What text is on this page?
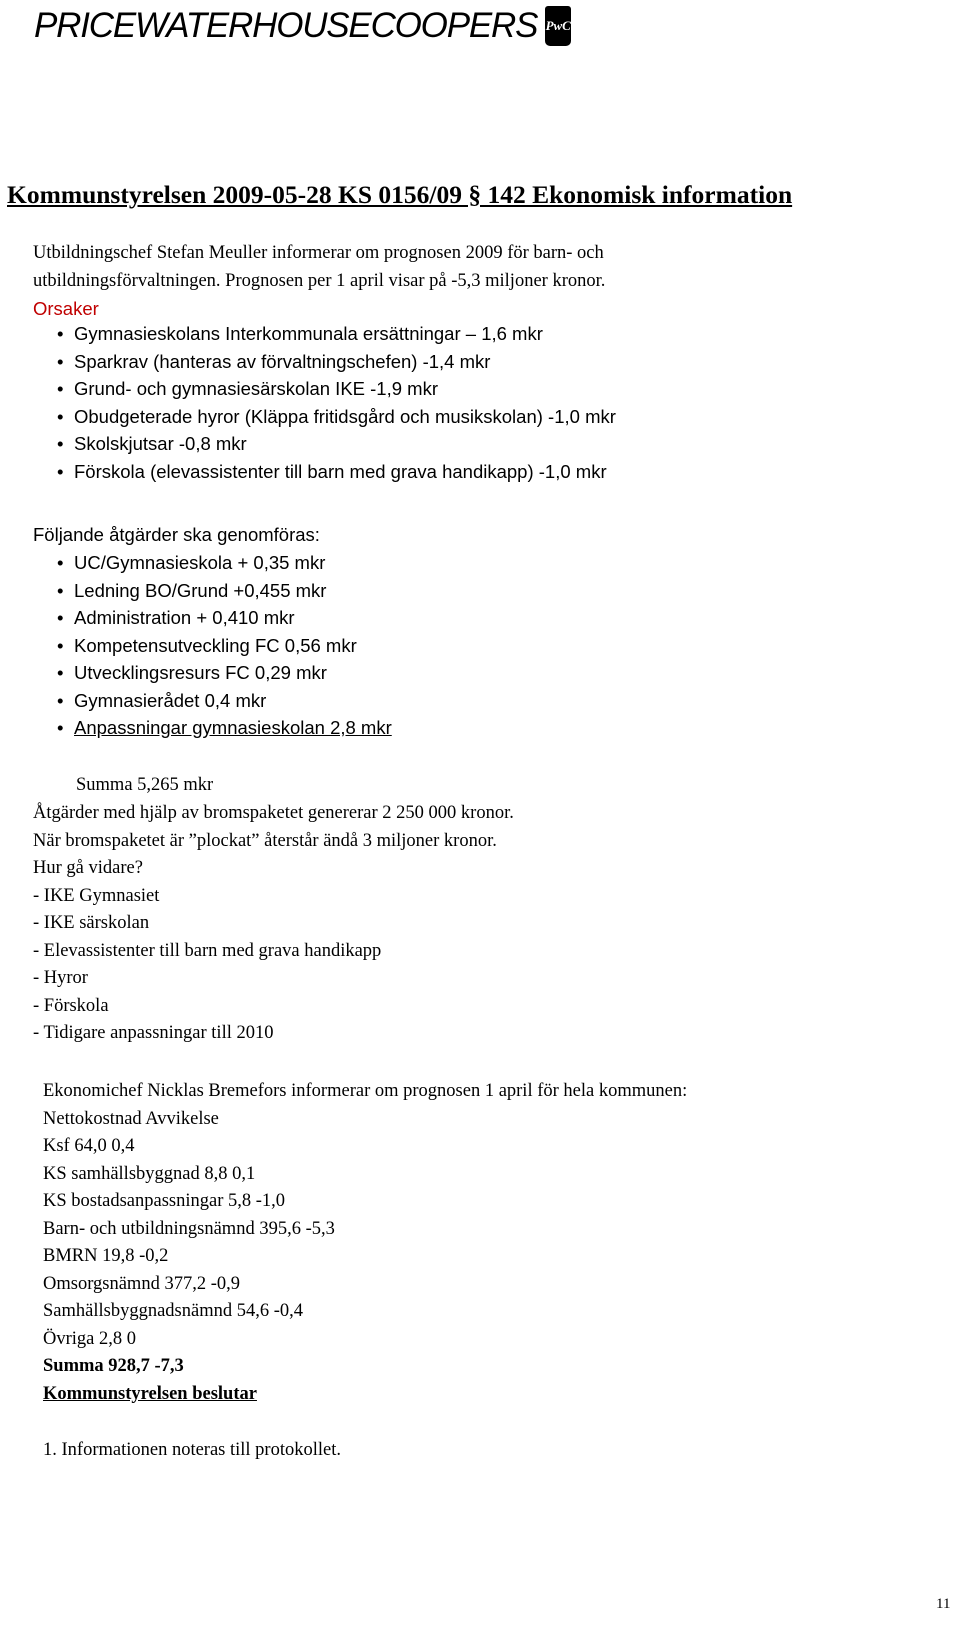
PRICEWATERHOUSECOOPERS PwC
Kommunstyrelsen 2009-05-28 KS 0156/09 § 142 Ekonomisk information
Utbildningschef Stefan Meuller informerar om prognosen 2009 för barn- och
utbildningsförvaltningen. Prognosen per 1 april visar på -5,3 miljoner kronor.
Orsaker
• Gymnasieskolans Interkommunala ersättningar – 1,6 mkr
• Sparkrav (hanteras av förvaltningschefen) -1,4 mkr
• Grund- och gymnasiesärskolan IKE -1,9 mkr
• Obudgeterade hyror (Kläppa fritidsgård och musikskolan) -1,0 mkr
• Skolskjutsar -0,8 mkr
• Förskola (elevassistenter till barn med grava handikapp) -1,0 mkr
Följande åtgärder ska genomföras:
• UC/Gymnasieskola + 0,35 mkr
• Ledning BO/Grund +0,455 mkr
• Administration + 0,410 mkr
• Kompetensutveckling FC 0,56 mkr
• Utvecklingsresurs FC 0,29 mkr
• Gymnasierådet 0,4 mkr
• Anpassningar gymnasieskolan 2,8 mkr
Summa 5,265 mkr
Åtgärder med hjälp av bromspaketet genererar 2 250 000 kronor.
När bromspaketet är ”plockat” återstår ändå 3 miljoner kronor.
Hur gå vidare?
- IKE Gymnasiet
- IKE särskolan
- Elevassistenter till barn med grava handikapp
- Hyror
- Förskola
- Tidigare anpassningar till 2010
Ekonomichef Nicklas Bremefors informerar om prognosen 1 april för hela kommunen:
Nettokostnad Avvikelse
Ksf 64,0 0,4
KS samhällsbyggnad 8,8 0,1
KS bostadsanpassningar 5,8 -1,0
Barn- och utbildningsnämnd 395,6 -5,3
BMRN 19,8 -0,2
Omsorgsnämnd 377,2 -0,9
Samhällsbyggnadsnämnd 54,6 -0,4
Övriga 2,8 0
Summa 928,7 -7,3
Kommunstyrelsen beslutar
1. Informationen noteras till protokollet.
11
